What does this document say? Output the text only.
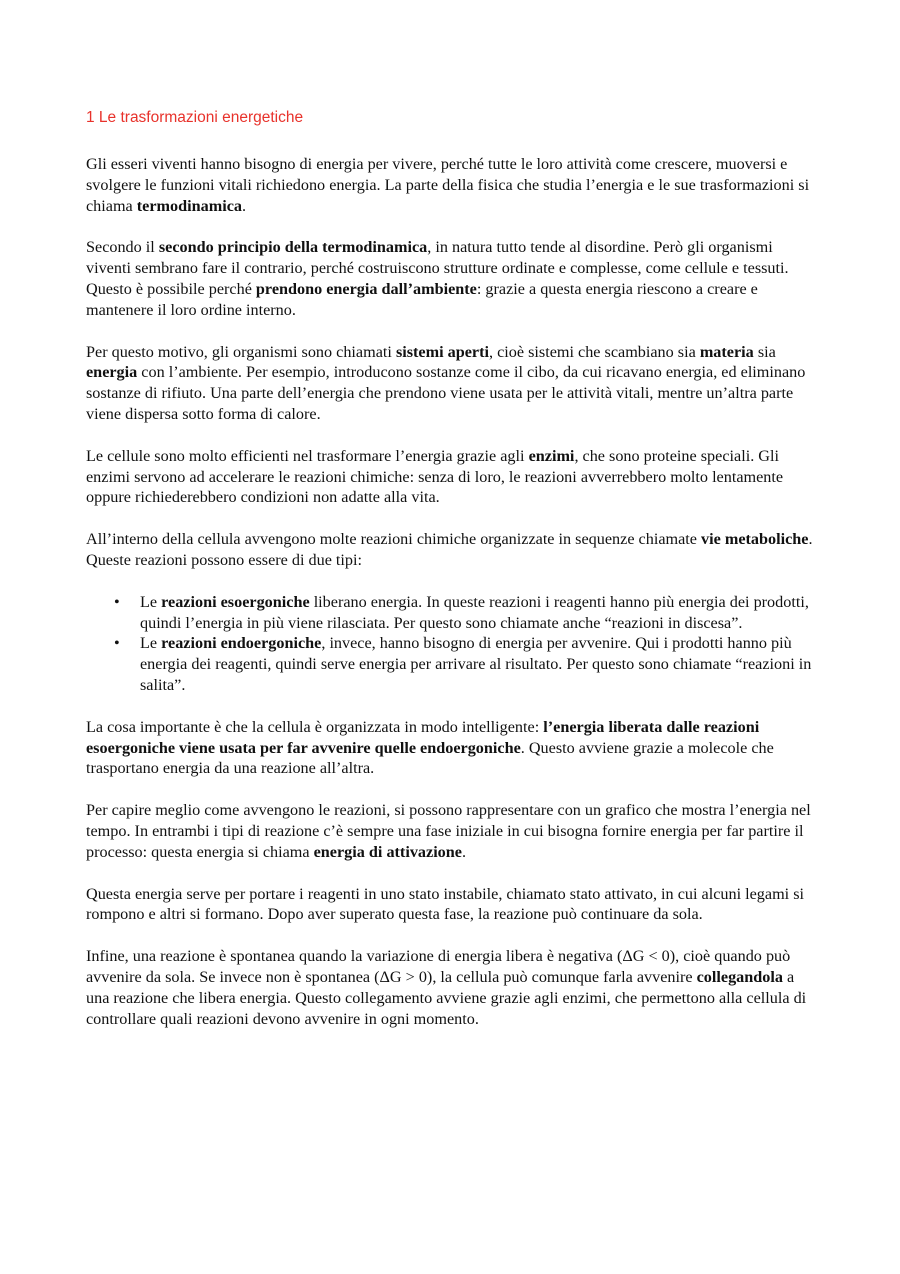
1 Le trasformazioni energetiche

Gli esseri viventi hanno bisogno di energia per vivere, perché tutte le loro attività come crescere, muoversi e svolgere le funzioni vitali richiedono energia. La parte della fisica che studia l’energia e le sue trasformazioni si chiama termodinamica.

Secondo il secondo principio della termodinamica, in natura tutto tende al disordine. Però gli organismi viventi sembrano fare il contrario, perché costruiscono strutture ordinate e complesse, come cellule e tessuti. Questo è possibile perché prendono energia dall’ambiente: grazie a questa energia riescono a creare e mantenere il loro ordine interno.

Per questo motivo, gli organismi sono chiamati sistemi aperti, cioè sistemi che scambiano sia materia sia energia con l’ambiente. Per esempio, introducono sostanze come il cibo, da cui ricavano energia, ed eliminano sostanze di rifiuto. Una parte dell’energia che prendono viene usata per le attività vitali, mentre un’altra parte viene dispersa sotto forma di calore.

Le cellule sono molto efficienti nel trasformare l’energia grazie agli enzimi, che sono proteine speciali. Gli enzimi servono ad accelerare le reazioni chimiche: senza di loro, le reazioni avverrebbero molto lentamente oppure richiederebbero condizioni non adatte alla vita.

All’interno della cellula avvengono molte reazioni chimiche organizzate in sequenze chiamate vie metaboliche. Queste reazioni possono essere di due tipi:

• Le reazioni esoergoniche liberano energia. In queste reazioni i reagenti hanno più energia dei prodotti, quindi l’energia in più viene rilasciata. Per questo sono chiamate anche “reazioni in discesa”.
• Le reazioni endoergoniche, invece, hanno bisogno di energia per avvenire. Qui i prodotti hanno più energia dei reagenti, quindi serve energia per arrivare al risultato. Per questo sono chiamate “reazioni in salita”.

La cosa importante è che la cellula è organizzata in modo intelligente: l’energia liberata dalle reazioni esoergoniche viene usata per far avvenire quelle endoergoniche. Questo avviene grazie a molecole che trasportano energia da una reazione all’altra.

Per capire meglio come avvengono le reazioni, si possono rappresentare con un grafico che mostra l’energia nel tempo. In entrambi i tipi di reazione c’è sempre una fase iniziale in cui bisogna fornire energia per far partire il processo: questa energia si chiama energia di attivazione.

Questa energia serve per portare i reagenti in uno stato instabile, chiamato stato attivato, in cui alcuni legami si rompono e altri si formano. Dopo aver superato questa fase, la reazione può continuare da sola.

Infine, una reazione è spontanea quando la variazione di energia libera è negativa (ΔG < 0), cioè quando può avvenire da sola. Se invece non è spontanea (ΔG > 0), la cellula può comunque farla avvenire collegandola a una reazione che libera energia. Questo collegamento avviene grazie agli enzimi, che permettono alla cellula di controllare quali reazioni devono avvenire in ogni momento.
